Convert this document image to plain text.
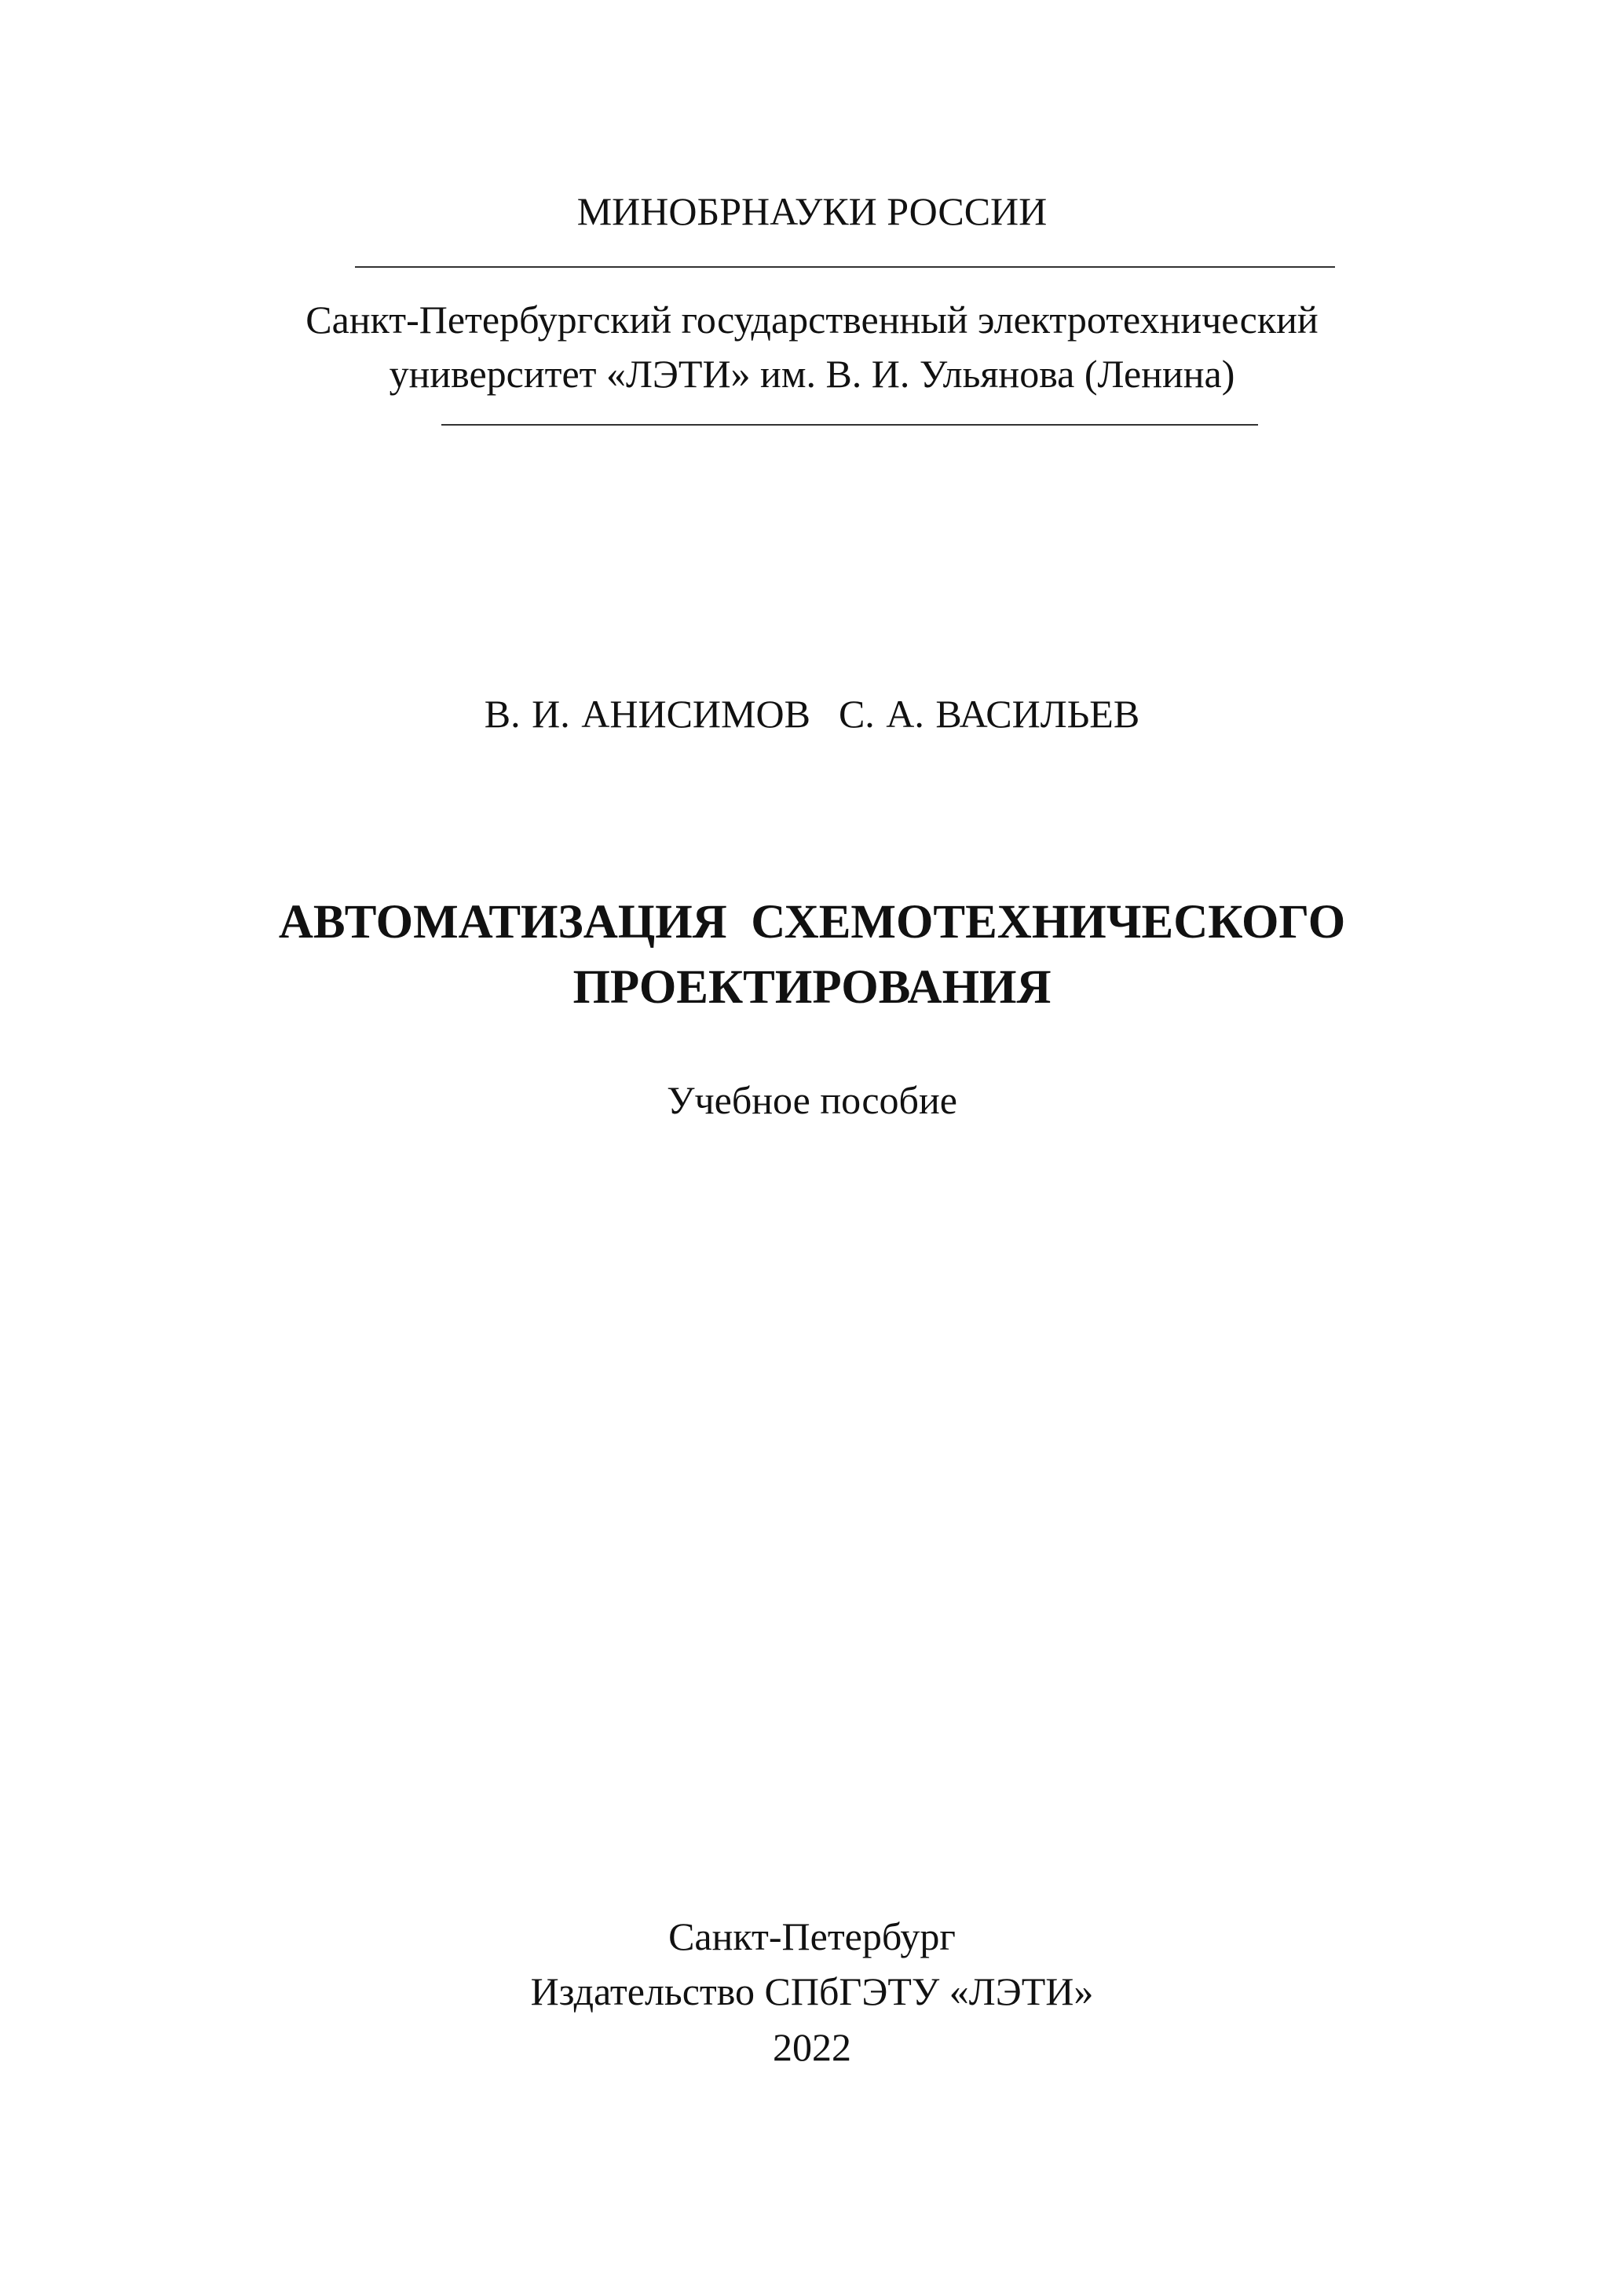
МИНОБРНАУКИ РОССИИ
Санкт-Петербургский государственный электротехнический
университет «ЛЭТИ» им. В. И. Ульянова (Ленина)
В. И. АНИСИМОВ С. А. ВАСИЛЬЕВ
АВТОМАТИЗАЦИЯ  СХЕМОТЕХНИЧЕСКОГО
ПРОЕКТИРОВАНИЯ
Учебное пособие
Санкт-Петербург
Издательство СПбГЭТУ «ЛЭТИ»
2022
